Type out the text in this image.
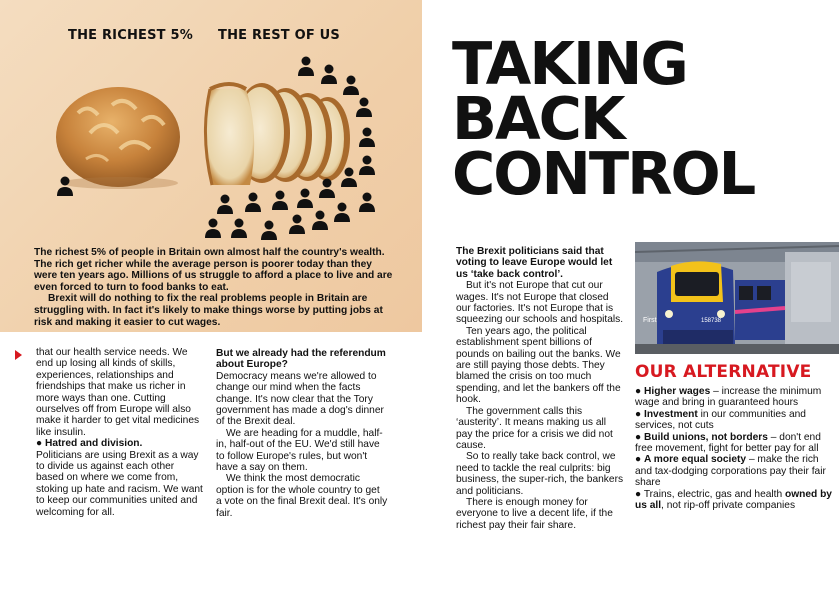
THE RICHEST 5% THE REST OF US

The richest 5% of people in Britain own almost half the country's wealth. The rich get richer while the average person is poorer today than they were ten years ago. Millions of us struggle to afford a place to live and are even forced to turn to food banks to eat.

Brexit will do nothing to fix the real problems people in Britain are struggling with. In fact it's likely to make things worse by putting jobs at risk and making it easier to cut wages.

TAKING
BACK
CONTROL

that our health service needs. We end up losing all kinds of skills, experiences, relationships and friendships that make us richer in more ways than one. Cutting ourselves off from Europe will also make it harder to get vital medicines like insulin.

● Hatred and division.

Politicians are using Brexit as a way to divide us against each other based on where we come from, stoking up hate and racism. We want to keep our communities united and welcoming for all.

But we already had the referendum about Europe?

Democracy means we're allowed to change our mind when the facts change. It's now clear that the Tory government has made a dog's dinner of the Brexit deal.

We are heading for a muddle, half-in, half-out of the EU. We'd still have to follow Europe's rules, but won't have a say on them.

We think the most democratic option is for the whole country to get a vote on the final Brexit deal. It's only fair.

The Brexit politicians said that voting to leave Europe would let us ‘take back control’.

But it's not Europe that cut our wages. It's not Europe that closed our factories. It's not Europe that is squeezing our schools and hospitals.

Ten years ago, the political establishment spent billions of pounds on bailing out the banks. We are still paying those debts. They blamed the crisis on too much spending, and let the bankers off the hook.

The government calls this ‘austerity’. It means making us all pay the price for a crisis we did not cause.

So to really take back control, we need to tackle the real culprits: big business, the super-rich, the bankers and politicians.

There is enough money for everyone to live a decent life, if the richest pay their fair share.

First	158738
OUR ALTERNATIVE

● Higher wages – increase the minimum wage and bring in guaranteed hours

● Investment in our communities and services, not cuts

● Build unions, not borders – don't end free movement, fight for better pay for all

● A more equal society – make the rich and tax-dodging corporations pay their fair share

● Trains, electric, gas and health owned by us all, not rip-off private companies
